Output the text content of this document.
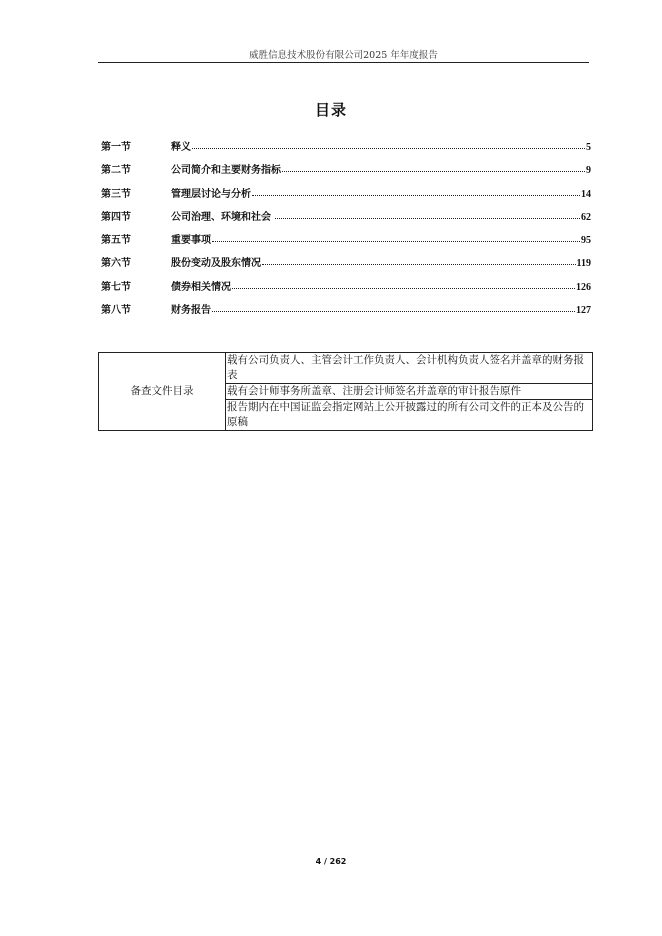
威胜信息技术股份有限公司2025 年年度报告
目录
第一节	释义	5
第二节	公司简介和主要财务指标	9
第三节	管理层讨论与分析	14
第四节	公司治理、环境和社会	62
第五节	重要事项	95
第六节	股份变动及股东情况	119
第七节	债券相关情况	126
第八节	财务报告	127
备查文件目录	载有公司负责人、主管会计工作负责人、会计机构负责人签名并盖章的财务报表
载有会计师事务所盖章、注册会计师签名并盖章的审计报告原件
报告期内在中国证监会指定网站上公开披露过的所有公司文件的正本及公告的原稿
4 / 262
